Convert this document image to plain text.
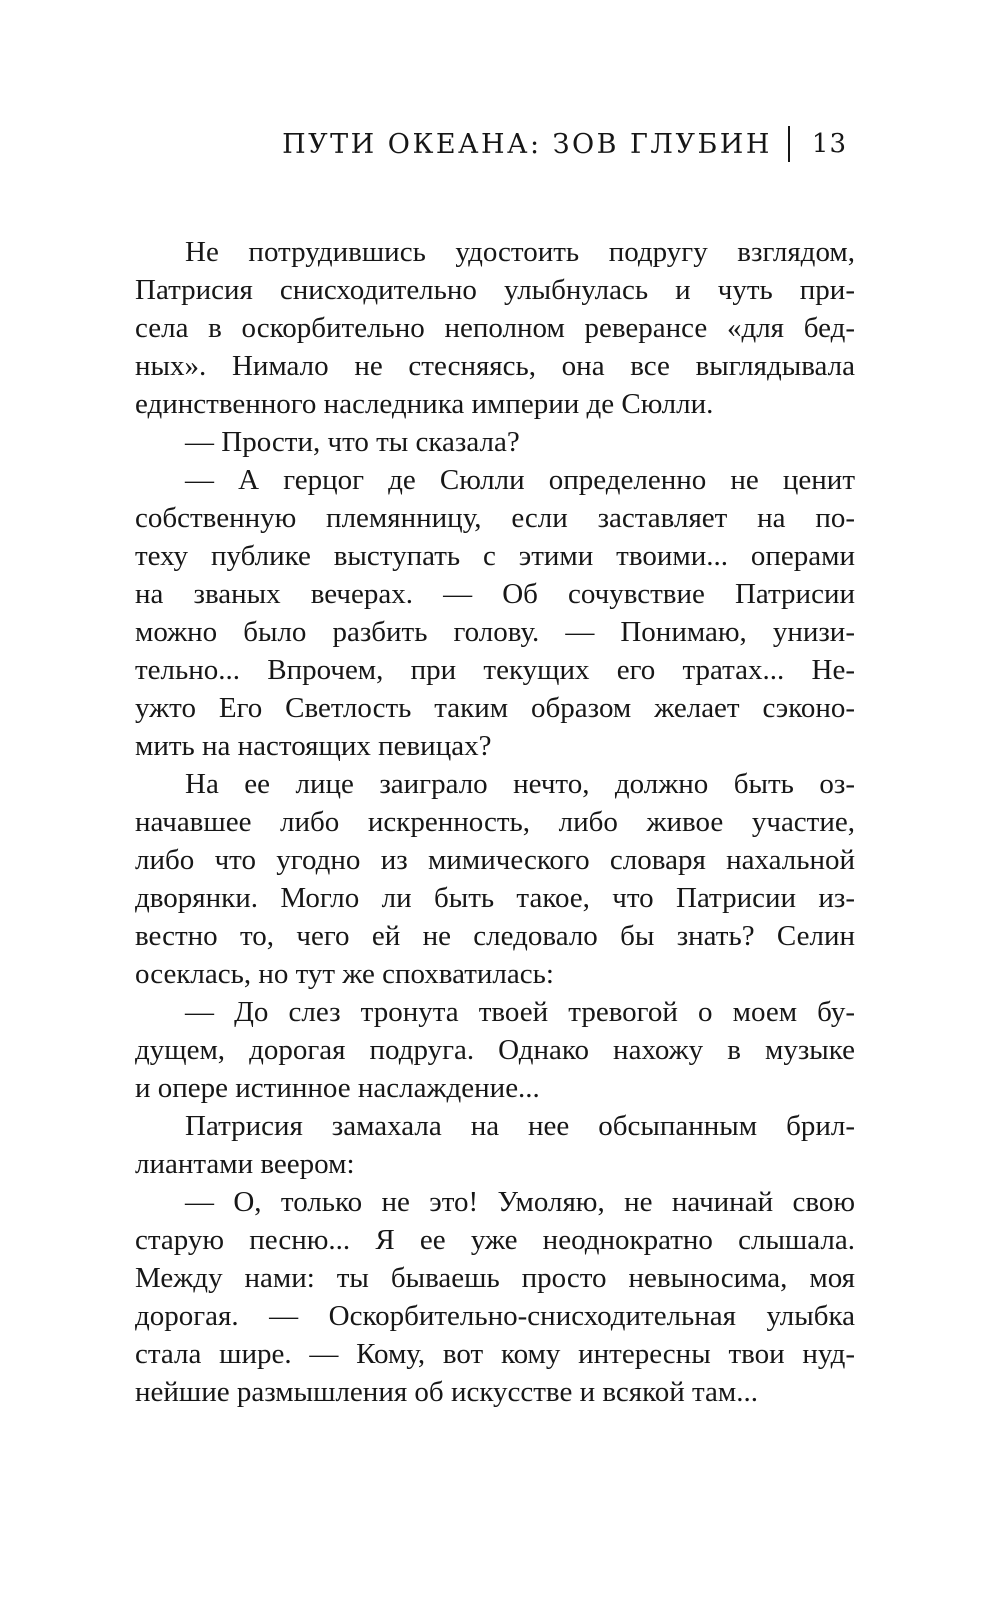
ПУТИ ОКЕАНА: ЗОВ ГЛУБИН 13
Не потрудившись удостоить подругу взглядом,
Патрисия снисходительно улыбнулась и чуть при-
села в оскорбительно неполном реверансе «для бед-
ных». Нимало не стесняясь, она все выглядывала
единственного наследника империи де Сюлли.
— Прости, что ты сказала?
— А герцог де Сюлли определенно не ценит
собственную племянницу, если заставляет на по-
теху публике выступать с этими твоими... операми
на званых вечерах. — Об сочувствие Патрисии
можно было разбить голову. — Понимаю, унизи-
тельно... Впрочем, при текущих его тратах... Не-
ужто Его Светлость таким образом желает сэконо-
мить на настоящих певицах?
На ее лице заиграло нечто, должно быть оз-
начавшее либо искренность, либо живое участие,
либо что угодно из мимического словаря нахальной
дворянки. Могло ли быть такое, что Патрисии из-
вестно то, чего ей не следовало бы знать? Селин
осеклась, но тут же спохватилась:
— До слез тронута твоей тревогой о моем бу-
дущем, дорогая подруга. Однако нахожу в музыке
и опере истинное наслаждение...
Патрисия замахала на нее обсыпанным брил-
лиантами веером:
— О, только не это! Умоляю, не начинай свою
старую песню... Я ее уже неоднократно слышала.
Между нами: ты бываешь просто невыносима, моя
дорогая. — Оскорбительно-снисходительная улыбка
стала шире. — Кому, вот кому интересны твои нуд-
нейшие размышления об искусстве и всякой там...
